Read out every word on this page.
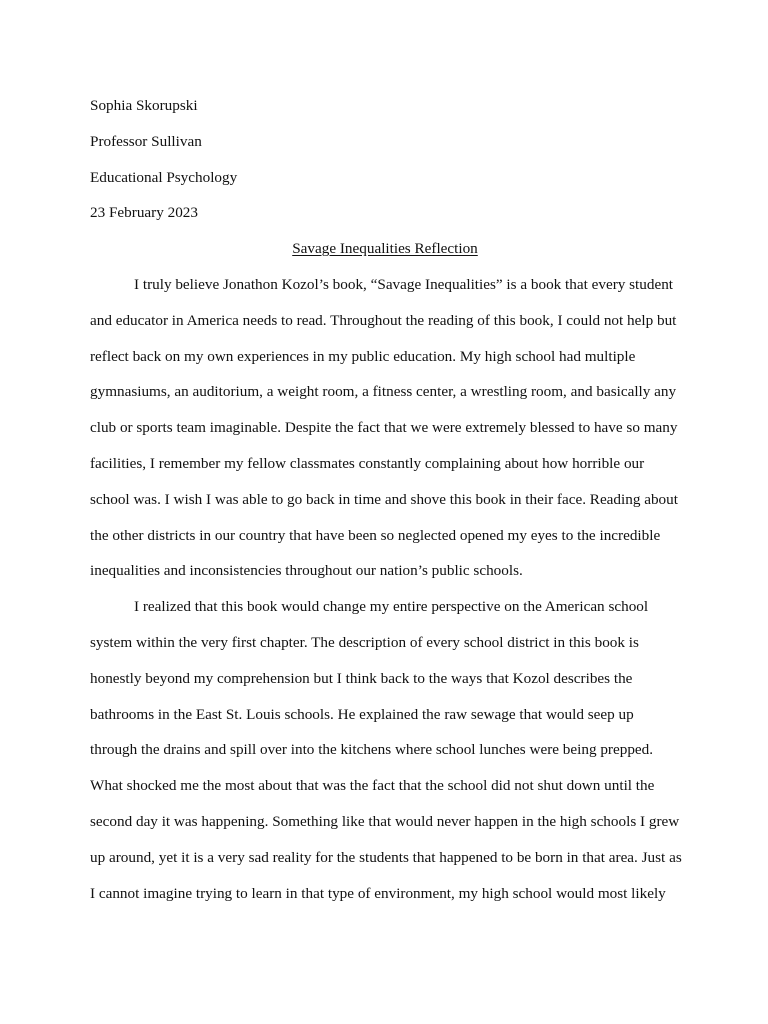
Sophia Skorupski

Professor Sullivan

Educational Psychology

23 February 2023

Savage Inequalities Reflection

I truly believe Jonathon Kozol’s book, “Savage Inequalities” is a book that every student
and educator in America needs to read. Throughout the reading of this book, I could not help but
reflect back on my own experiences in my public education. My high school had multiple
gymnasiums, an auditorium, a weight room, a fitness center, a wrestling room, and basically any
club or sports team imaginable. Despite the fact that we were extremely blessed to have so many
facilities, I remember my fellow classmates constantly complaining about how horrible our
school was. I wish I was able to go back in time and shove this book in their face. Reading about
the other districts in our country that have been so neglected opened my eyes to the incredible
inequalities and inconsistencies throughout our nation’s public schools.

I realized that this book would change my entire perspective on the American school
system within the very first chapter. The description of every school district in this book is
honestly beyond my comprehension but I think back to the ways that Kozol describes the
bathrooms in the East St. Louis schools. He explained the raw sewage that would seep up
through the drains and spill over into the kitchens where school lunches were being prepped.
What shocked me the most about that was the fact that the school did not shut down until the
second day it was happening. Something like that would never happen in the high schools I grew
up around, yet it is a very sad reality for the students that happened to be born in that area. Just as
I cannot imagine trying to learn in that type of environment, my high school would most likely
